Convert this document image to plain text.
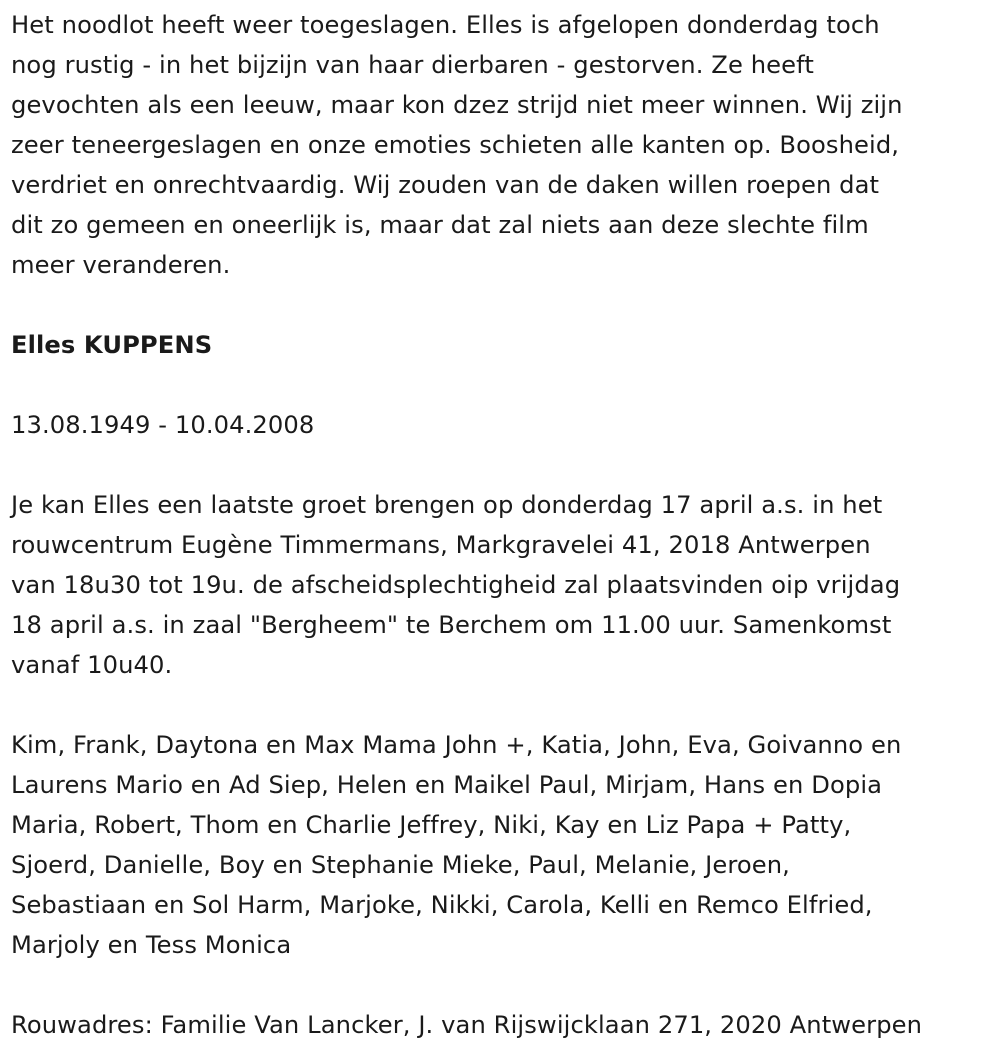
Het noodlot heeft weer toegeslagen. Elles is afgelopen donderdag toch
nog rustig - in het bijzijn van haar dierbaren - gestorven. Ze heeft
gevochten als een leeuw, maar kon dzez strijd niet meer winnen. Wij zijn
zeer teneergeslagen en onze emoties schieten alle kanten op. Boosheid,
verdriet en onrechtvaardig. Wij zouden van de daken willen roepen dat
dit zo gemeen en oneerlijk is, maar dat zal niets aan deze slechte film
meer veranderen.

Elles KUPPENS

13.08.1949 - 10.04.2008

Je kan Elles een laatste groet brengen op donderdag 17 april a.s. in het
rouwcentrum Eugène Timmermans, Markgravelei 41, 2018 Antwerpen
van 18u30 tot 19u. de afscheidsplechtigheid zal plaatsvinden oip vrijdag
18 april a.s. in zaal "Bergheem" te Berchem om 11.00 uur. Samenkomst
vanaf 10u40.

Kim, Frank, Daytona en Max Mama John +, Katia, John, Eva, Goivanno en
Laurens Mario en Ad Siep, Helen en Maikel Paul, Mirjam, Hans en Dopia
Maria, Robert, Thom en Charlie Jeffrey, Niki, Kay en Liz Papa + Patty,
Sjoerd, Danielle, Boy en Stephanie Mieke, Paul, Melanie, Jeroen,
Sebastiaan en Sol Harm, Marjoke, Nikki, Carola, Kelli en Remco Elfried,
Marjoly en Tess Monica

Rouwadres: Familie Van Lancker, J. van Rijswijcklaan 271, 2020 Antwerpen
